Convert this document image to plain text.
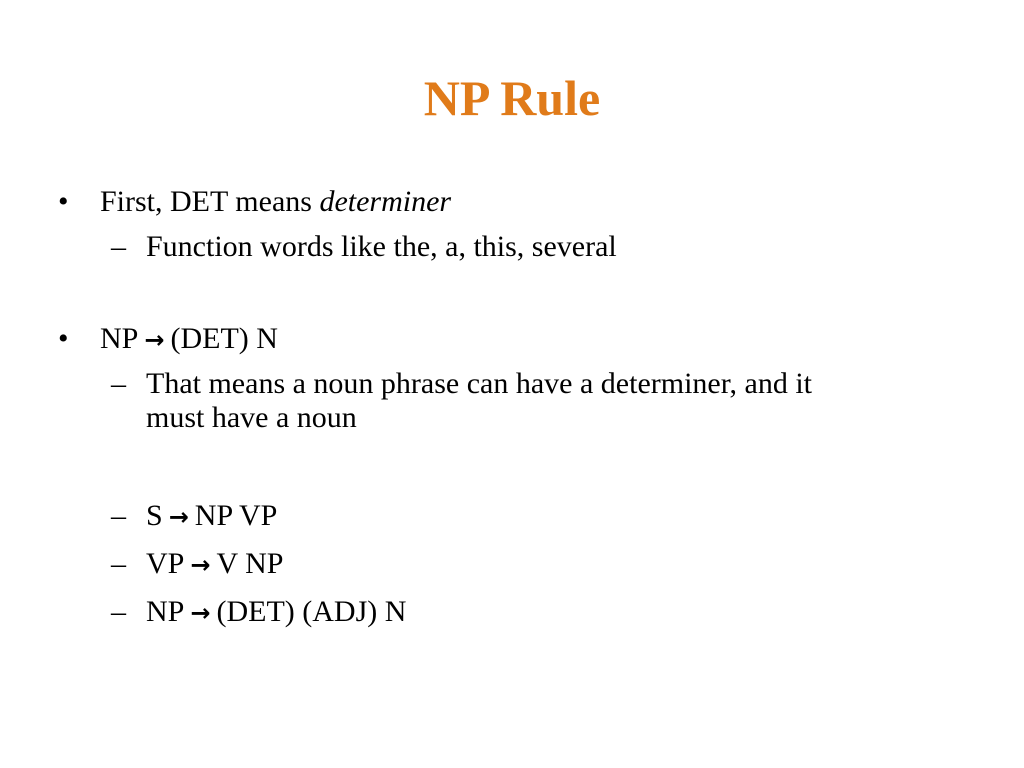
NP Rule
• First, DET means determiner
– Function words like the, a, this, several
• NP → (DET) N
– That means a noun phrase can have a determiner, and it
must have a noun
– S → NP VP
– VP → V NP
– NP → (DET) (ADJ) N
